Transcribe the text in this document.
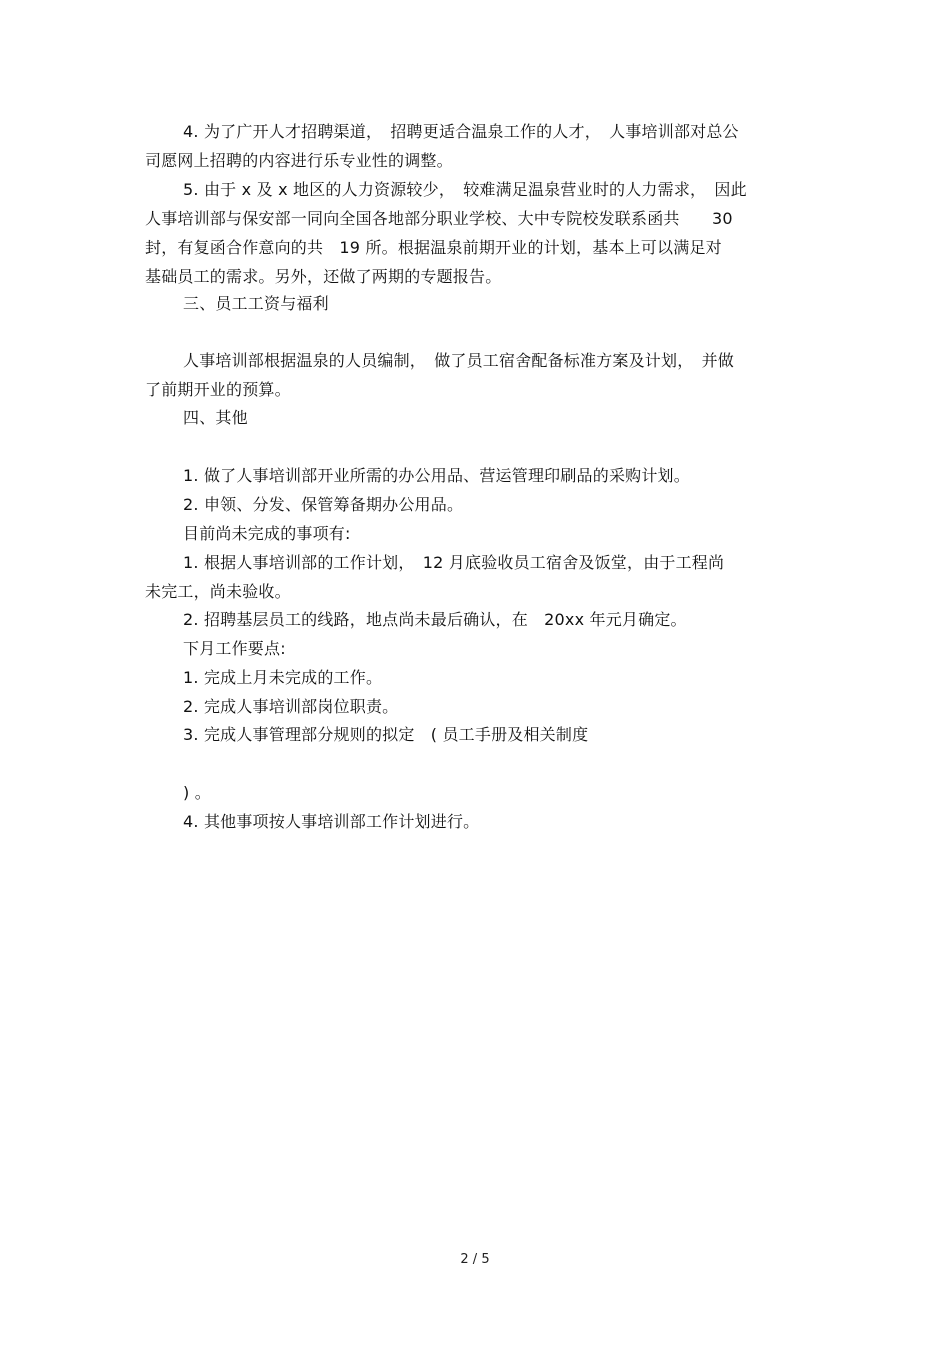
4. 为了广开人才招聘渠道，　招聘更适合温泉工作的人才，　人事培训部对总公
司愿网上招聘的内容进行乐专业性的调整。
5. 由于 x 及 x 地区的人力资源较少，　较难满足温泉营业时的人力需求，　因此
人事培训部与保安部一同向全国各地部分职业学校、大中专院校发联系函共　　30
封，有复函合作意向的共　19 所。根据温泉前期开业的计划，基本上可以满足对
基础员工的需求。另外，还做了两期的专题报告。
三、员工工资与福利
人事培训部根据温泉的人员编制，　做了员工宿舍配备标准方案及计划，　并做
了前期开业的预算。
四、其他
1. 做了人事培训部开业所需的办公用品、营运管理印刷品的采购计划。
2. 申领、分发、保管筹备期办公用品。
目前尚未完成的事项有:
1. 根据人事培训部的工作计划，　12 月底验收员工宿舍及饭堂，由于工程尚
未完工，尚未验收。
2. 招聘基层员工的线路，地点尚未最后确认，在　20xx 年元月确定。
下月工作要点:
1. 完成上月未完成的工作。
2. 完成人事培训部岗位职责。
3. 完成人事管理部分规则的拟定　( 员工手册及相关制度
) 。
4. 其他事项按人事培训部工作计划进行。
2 / 5
